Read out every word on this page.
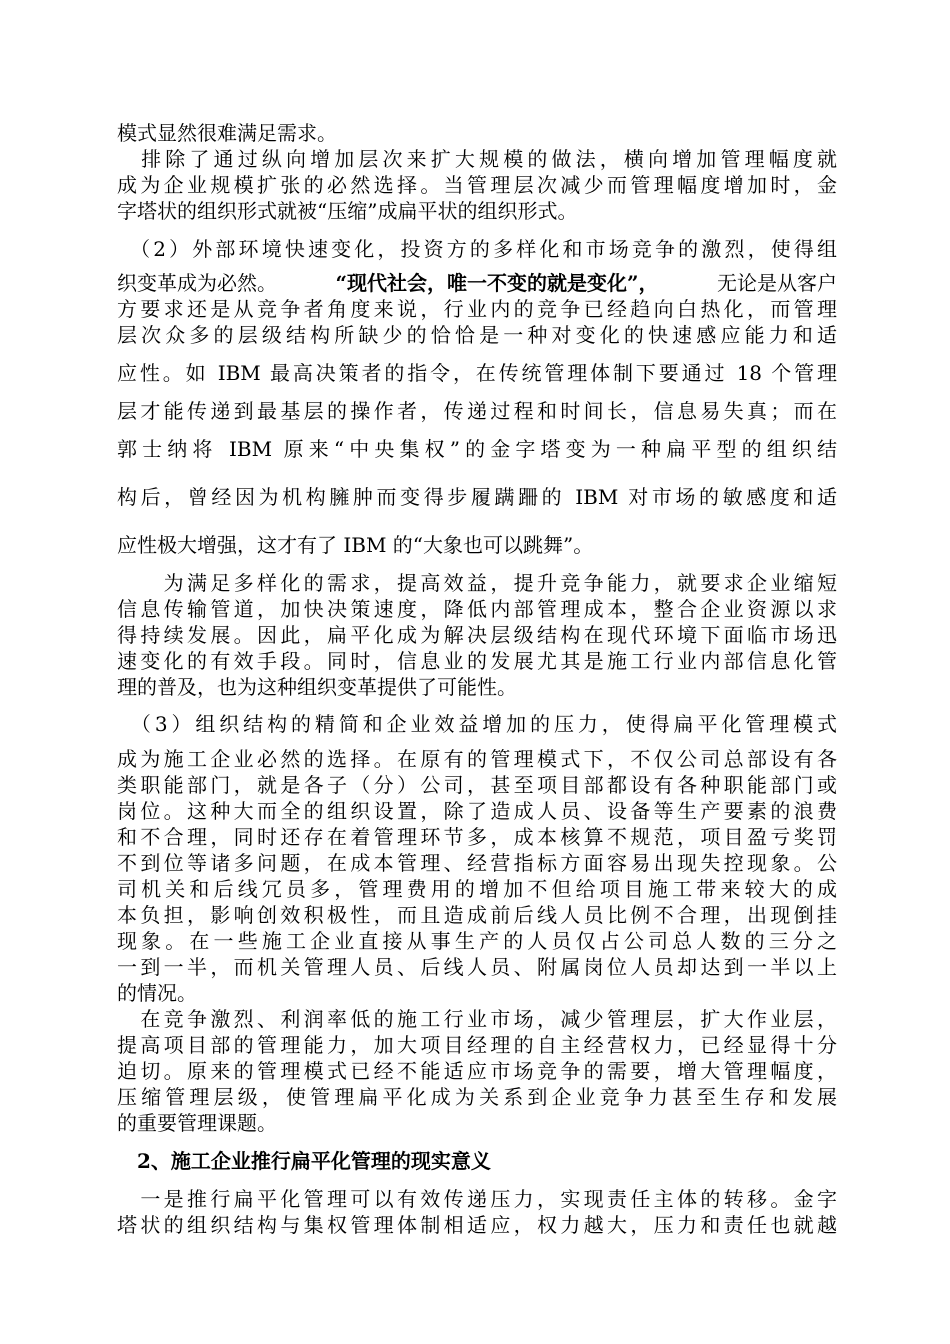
模式显然很难满足需求。
　排除了通过纵向增加层次来扩大规模的做法，横向增加管理幅度就
成为企业规模扩张的必然选择。当管理层次减少而管理幅度增加时，金
字塔状的组织形式就被“压缩”成扁平状的组织形式。
　（2）外部环境快速变化，投资方的多样化和市场竞争的激烈，使得组
织变革成为必然。	“现代社会，唯一不变的就是变化”，	无论是从客户
方要求还是从竞争者角度来说，行业内的竞争已经趋向白热化，而管理
层次众多的层级结构所缺少的恰恰是一种对变化的快速感应能力和适
应性。如 IBM 最高决策者的指令，在传统管理体制下要通过 18 个管理
层才能传递到最基层的操作者，传递过程和时间长，信息易失真；而在
郭士纳将 IBM 原来“中央集权”的金字塔变为一种扁平型的组织结
构后，曾经因为机构臃肿而变得步履蹒跚的 IBM 对市场的敏感度和适
应性极大增强，这才有了 IBM 的“大象也可以跳舞”。
　　为满足多样化的需求，提高效益，提升竞争能力，就要求企业缩短
信息传输管道，加快决策速度，降低内部管理成本，整合企业资源以求
得持续发展。因此，扁平化成为解决层级结构在现代环境下面临市场迅
速变化的有效手段。同时，信息业的发展尤其是施工行业内部信息化管
理的普及，也为这种组织变革提供了可能性。
　（3）组织结构的精简和企业效益增加的压力，使得扁平化管理模式
成为施工企业必然的选择。在原有的管理模式下，不仅公司总部设有各
类职能部门，就是各子（分）公司，甚至项目部都设有各种职能部门或
岗位。这种大而全的组织设置，除了造成人员、设备等生产要素的浪费
和不合理，同时还存在着管理环节多，成本核算不规范，项目盈亏奖罚
不到位等诸多问题，在成本管理、经营指标方面容易出现失控现象。公
司机关和后线冗员多，管理费用的增加不但给项目施工带来较大的成
本负担，影响创效积极性，而且造成前后线人员比例不合理，出现倒挂
现象。在一些施工企业直接从事生产的人员仅占公司总人数的三分之
一到一半，而机关管理人员、后线人员、附属岗位人员却达到一半以上
的情况。
　在竞争激烈、利润率低的施工行业市场，减少管理层，扩大作业层，
提高项目部的管理能力，加大项目经理的自主经营权力，已经显得十分
迫切。原来的管理模式已经不能适应市场竞争的需要，增大管理幅度，
压缩管理层级，使管理扁平化成为关系到企业竞争力甚至生存和发展
的重要管理课题。
　2、施工企业推行扁平化管理的现实意义
　一是推行扁平化管理可以有效传递压力，实现责任主体的转移。金字
塔状的组织结构与集权管理体制相适应，权力越大，压力和责任也就越
